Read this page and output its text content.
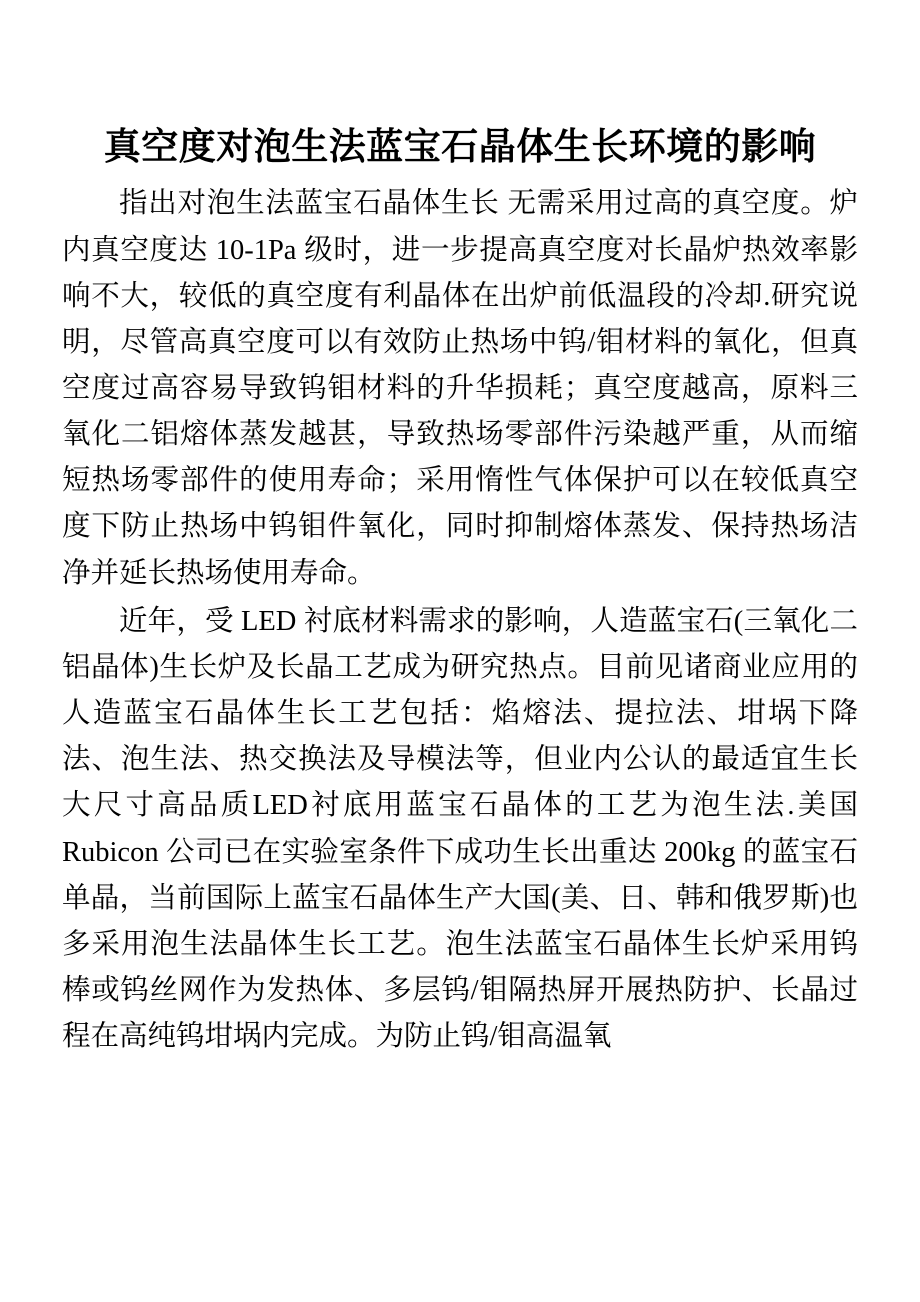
真空度对泡生法蓝宝石晶体生长环境的影响

指出对泡生法蓝宝石晶体生长 无需采用过高的真空度。炉内真空度达 10-1Pa 级时，进一步提高真空度对长晶炉热效率影响不大，较低的真空度有利晶体在出炉前低温段的冷却.研究说明，尽管高真空度可以有效防止热场中钨/钼材料的氧化，但真空度过高容易导致钨钼材料的升华损耗；真空度越高，原料三氧化二铝熔体蒸发越甚，导致热场零部件污染越严重，从而缩短热场零部件的使用寿命；采用惰性气体保护可以在较低真空度下防止热场中钨钼件氧化，同时抑制熔体蒸发、保持热场洁净并延长热场使用寿命。

近年，受 LED 衬底材料需求的影响，人造蓝宝石(三氧化二铝晶体)生长炉及长晶工艺成为研究热点。目前见诸商业应用的人造蓝宝石晶体生长工艺包括：焰熔法、提拉法、坩埚下降法、泡生法、热交换法及导模法等，但业内公认的最适宜生长大尺寸高品质LED衬底用蓝宝石晶体的工艺为泡生法.美国 Rubicon 公司已在实验室条件下成功生长出重达 200kg 的蓝宝石单晶，当前国际上蓝宝石晶体生产大国(美、日、韩和俄罗斯)也多采用泡生法晶体生长工艺。泡生法蓝宝石晶体生长炉采用钨棒或钨丝网作为发热体、多层钨/钼隔热屏开展热防护、长晶过程在高纯钨坩埚内完成。为防止钨/钼高温氧
